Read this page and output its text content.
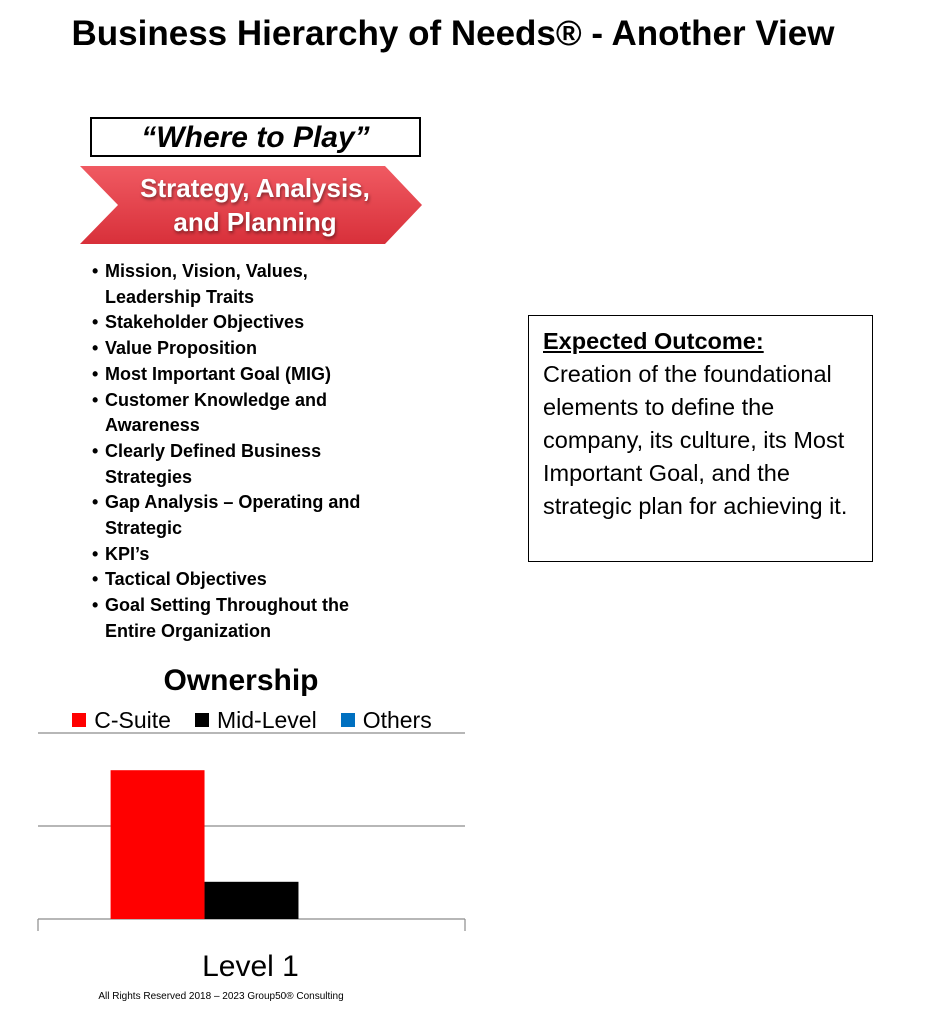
Business Hierarchy of Needs® - Another View
“Where to Play”
Strategy, Analysis,
and Planning
• Mission, Vision, Values, Leadership Traits
• Stakeholder Objectives
• Value Proposition
• Most Important Goal (MIG)
• Customer Knowledge and Awareness
• Clearly Defined Business Strategies
• Gap Analysis – Operating and Strategic
• KPI’s
• Tactical Objectives
• Goal Setting Throughout the Entire Organization
Expected Outcome:
Creation of the foundational elements to define the company, its culture, its Most Important Goal, and the strategic plan for achieving it.
Ownership
C-Suite Mid-Level Others
Level 1
All Rights Reserved 2018 – 2023 Group50® Consulting
